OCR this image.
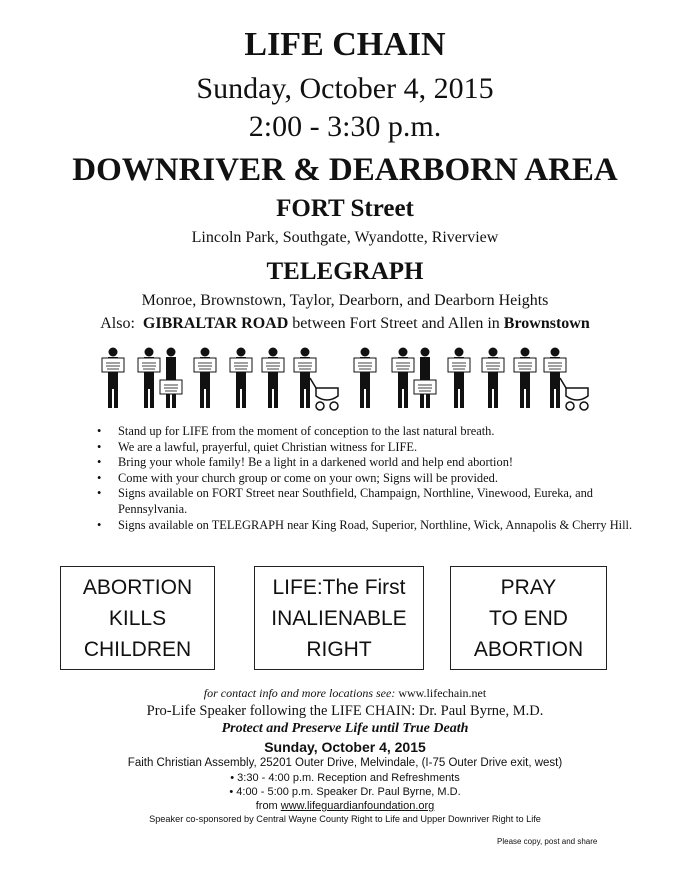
LIFE CHAIN
Sunday, October 4, 2015
2:00 - 3:30 p.m.
DOWNRIVER & DEARBORN AREA
FORT Street
Lincoln Park, Southgate, Wyandotte, Riverview
TELEGRAPH
Monroe, Brownstown, Taylor, Dearborn, and Dearborn Heights
Also: GIBRALTAR ROAD between Fort Street and Allen in Brownstown
• Stand up for LIFE from the moment of conception to the last natural breath.
• We are a lawful, prayerful, quiet Christian witness for LIFE.
• Bring your whole family! Be a light in a darkened world and help end abortion!
• Come with your church group or come on your own; Signs will be provided.
• Signs available on FORT Street near Southfield, Champaign, Northline, Vinewood, Eureka, and Pennsylvania.
• Signs available on TELEGRAPH near King Road, Superior, Northline, Wick, Annapolis & Cherry Hill.
ABORTION
KILLS
CHILDREN
LIFE:The First
INALIENABLE
RIGHT
PRAY
TO END
ABORTION
for contact info and more locations see: www.lifechain.net
Pro-Life Speaker following the LIFE CHAIN: Dr. Paul Byrne, M.D.
Protect and Preserve Life until True Death
Sunday, October 4, 2015
Faith Christian Assembly, 25201 Outer Drive, Melvindale, (I-75 Outer Drive exit, west)
• 3:30 - 4:00 p.m. Reception and Refreshments
• 4:00 - 5:00 p.m. Speaker Dr. Paul Byrne, M.D.
from www.lifeguardianfoundation.org
Speaker co-sponsored by Central Wayne County Right to Life and Upper Downriver Right to Life
Please copy, post and share
